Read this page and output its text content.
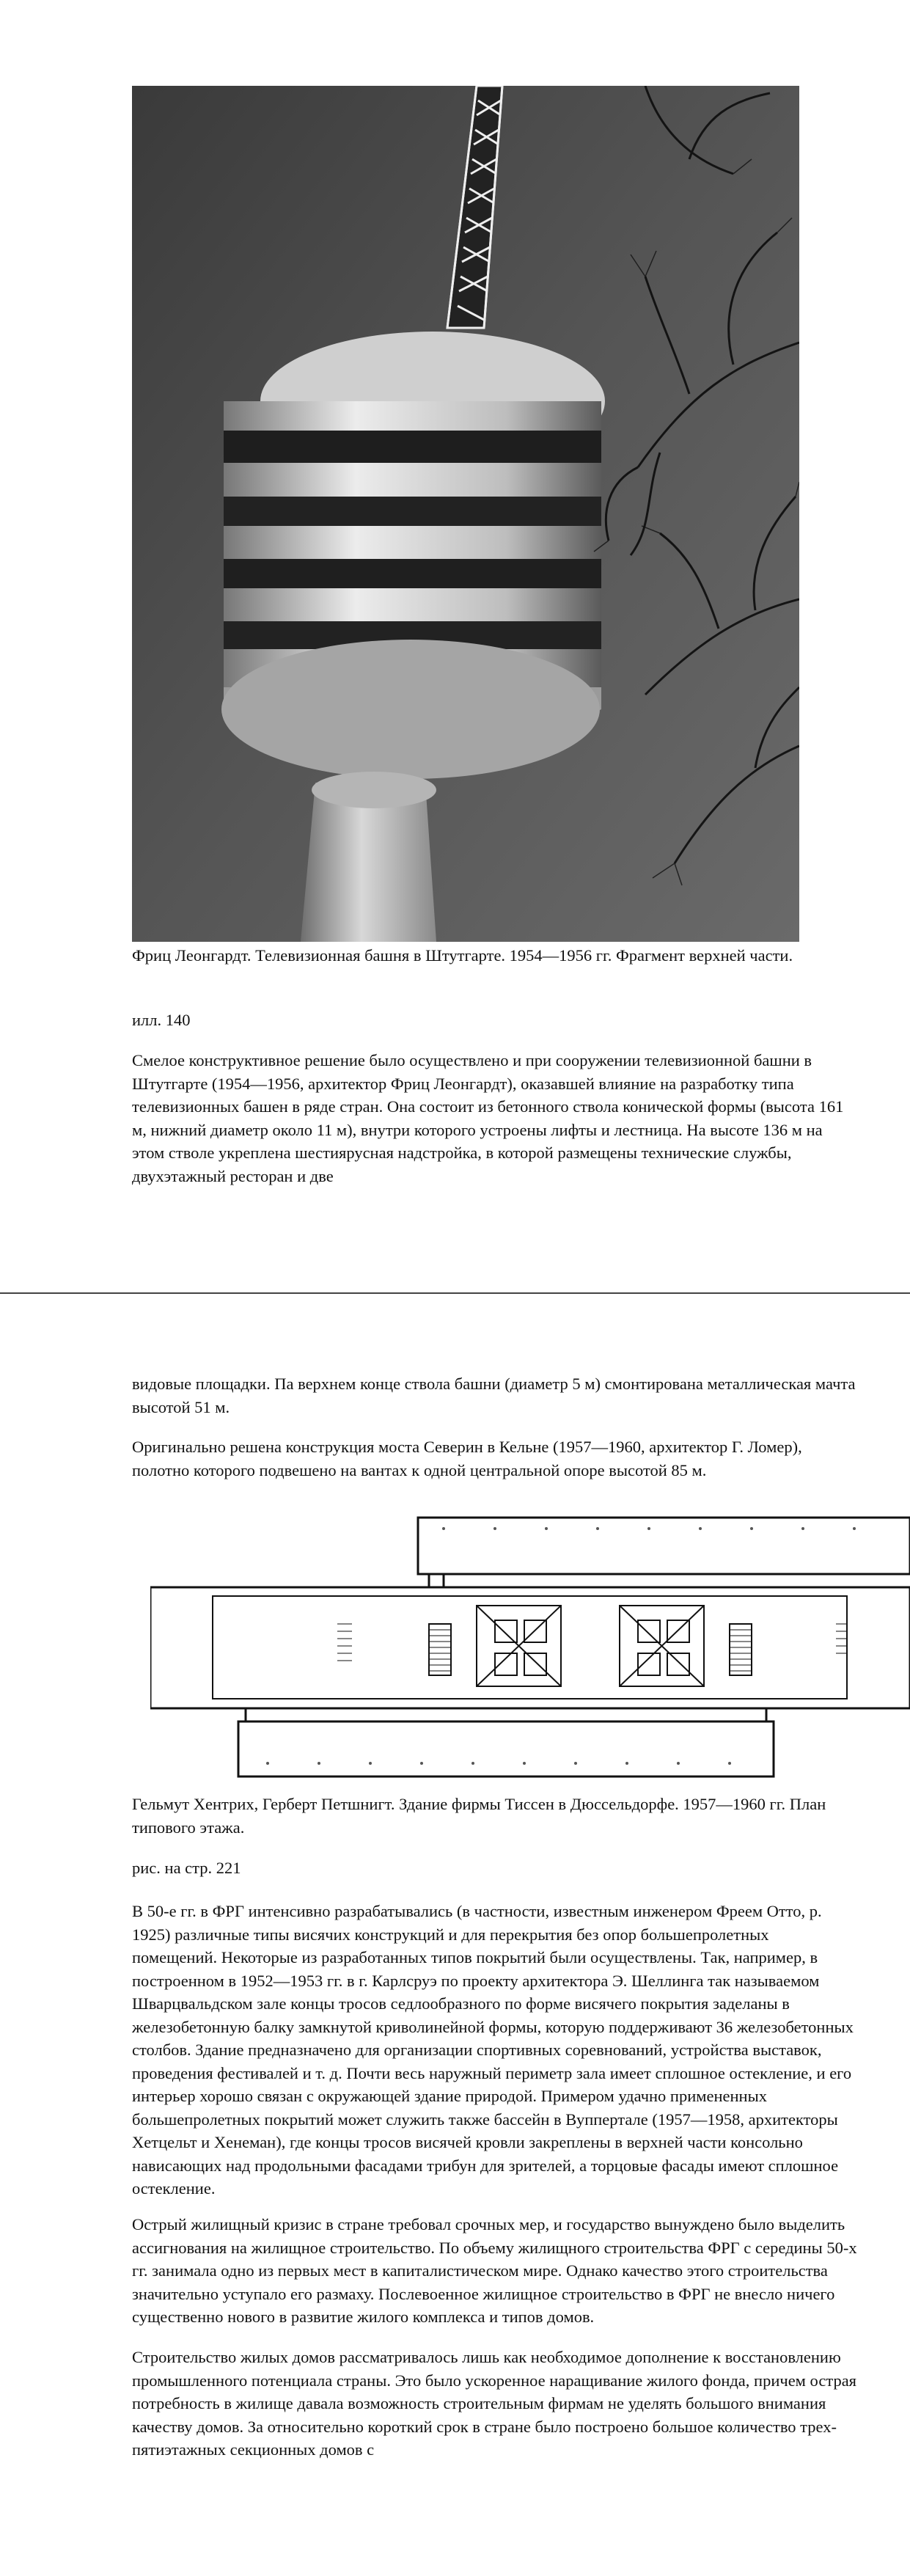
Фриц Леонгардт. Телевизионная башня в Штутгарте. 1954—1956 гг. Фрагмент верхней части.

илл. 140

Смелое конструктивное решение было осуществлено и при сооружении телевизионной башни в Штутгарте (1954—1956, архитектор Фриц Леонгардт), оказавшей влияние на разработку типа телевизионных башен в ряде стран. Она состоит из бетонного ствола конической формы (высота 161 м, нижний диаметр около 11 м), внутри которого устроены лифты и лестница. На высоте 136 м на этом стволе укреплена шестиярусная надстройка, в которой размещены технические службы, двухэтажный ресторан и две

видовые площадки. Па верхнем конце ствола башни (диаметр 5 м) смонтирована металлическая мачта высотой 51 м.

Оригинально решена конструкция моста Северин в Кельне (1957—1960, архитектор Г. Ломер), полотно которого подвешено на вантах к одной центральной опоре высотой 85 м.

Гельмут Хентрих, Герберт Петшнигт. Здание фирмы Тиссен в Дюссельдорфе. 1957—1960 гг. План типового этажа.

рис. на стр. 221

В 50-е гг. в ФРГ интенсивно разрабатывались (в частности, известным инженером Фреем Отто, р. 1925) различные типы висячих конструкций и для перекрытия без опор большепролетных помещений. Некоторые из разработанных типов покрытий были осуществлены. Так, например, в построенном в 1952—1953 гг. в г. Карлсруэ по проекту архитектора Э. Шеллинга так называемом Шварцвальдском зале концы тросов седлообразного по форме висячего покрытия заделаны в железобетонную балку замкнутой криволинейной формы, которую поддерживают 36 железобетонных столбов. Здание предназначено для организации спортивных соревнований, устройства выставок, проведения фестивалей и т. д. Почти весь наружный периметр зала имеет сплошное остекление, и его интерьер хорошо связан с окружающей здание природой. Примером удачно примененных большепролетных покрытий может служить также бассейн в Вуппертале (1957—1958, архитекторы Хетцельт и Хенеман), где концы тросов висячей кровли закреплены в верхней части консольно нависающих над продольными фасадами трибун для зрителей, а торцовые фасады имеют сплошное остекление.

Острый жилищный кризис в стране требовал срочных мер, и государство вынуждено было выделить ассигнования на жилищное строительство. По объему жилищного строительства ФРГ с середины 50-х гг. занимала одно из первых мест в капиталистическом мире. Однако качество этого строительства значительно уступало его размаху. Послевоенное жилищное строительство в ФРГ не внесло ничего существенно нового в развитие жилого комплекса и типов домов.

Строительство жилых домов рассматривалось лишь как необходимое дополнение к восстановлению промышленного потенциала страны. Это было ускоренное наращивание жилого фонда, причем острая потребность в жилище давала возможность строительным фирмам не уделять большого внимания качеству домов. За относительно короткий срок в стране было построено большое количество трех-пятиэтажных секционных домов с
